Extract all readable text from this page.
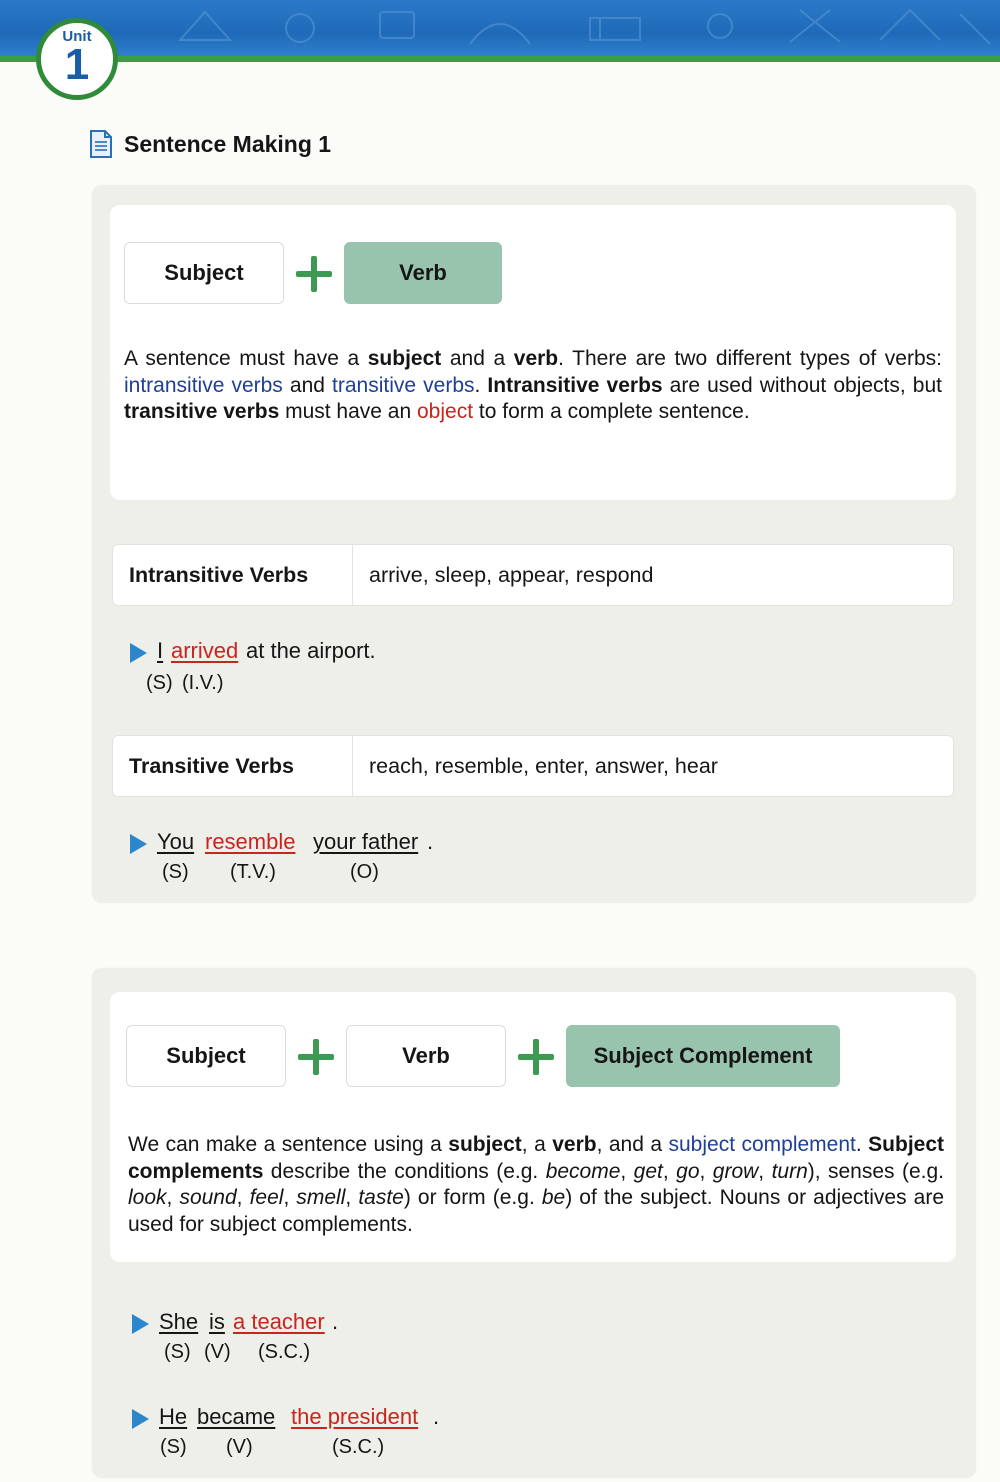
Unit
1
Sentence Making 1
Subject	Verb
A sentence must have a subject and a verb. There are two different types of verbs: intransitive verbs and transitive verbs. Intransitive verbs are used without objects, but transitive verbs must have an object to form a complete sentence.
Intransitive Verbs	arrive, sleep, appear, respond
I arrived at the airport.
(S) (I.V.)
Transitive Verbs	reach, resemble, enter, answer, hear
You resemble your father .
(S) (T.V.)	(O)
Subject	Verb	Subject Complement
We can make a sentence using a subject, a verb, and a subject complement. Subject complements describe the conditions (e.g. become, get, go, grow, turn), senses (e.g. look, sound, feel, smell, taste) or form (e.g. be) of the subject. Nouns or adjectives are used for subject complements.
She is a teacher .
(S) (V) (S.C.)
He became the president .
(S) (V)	(S.C.)
